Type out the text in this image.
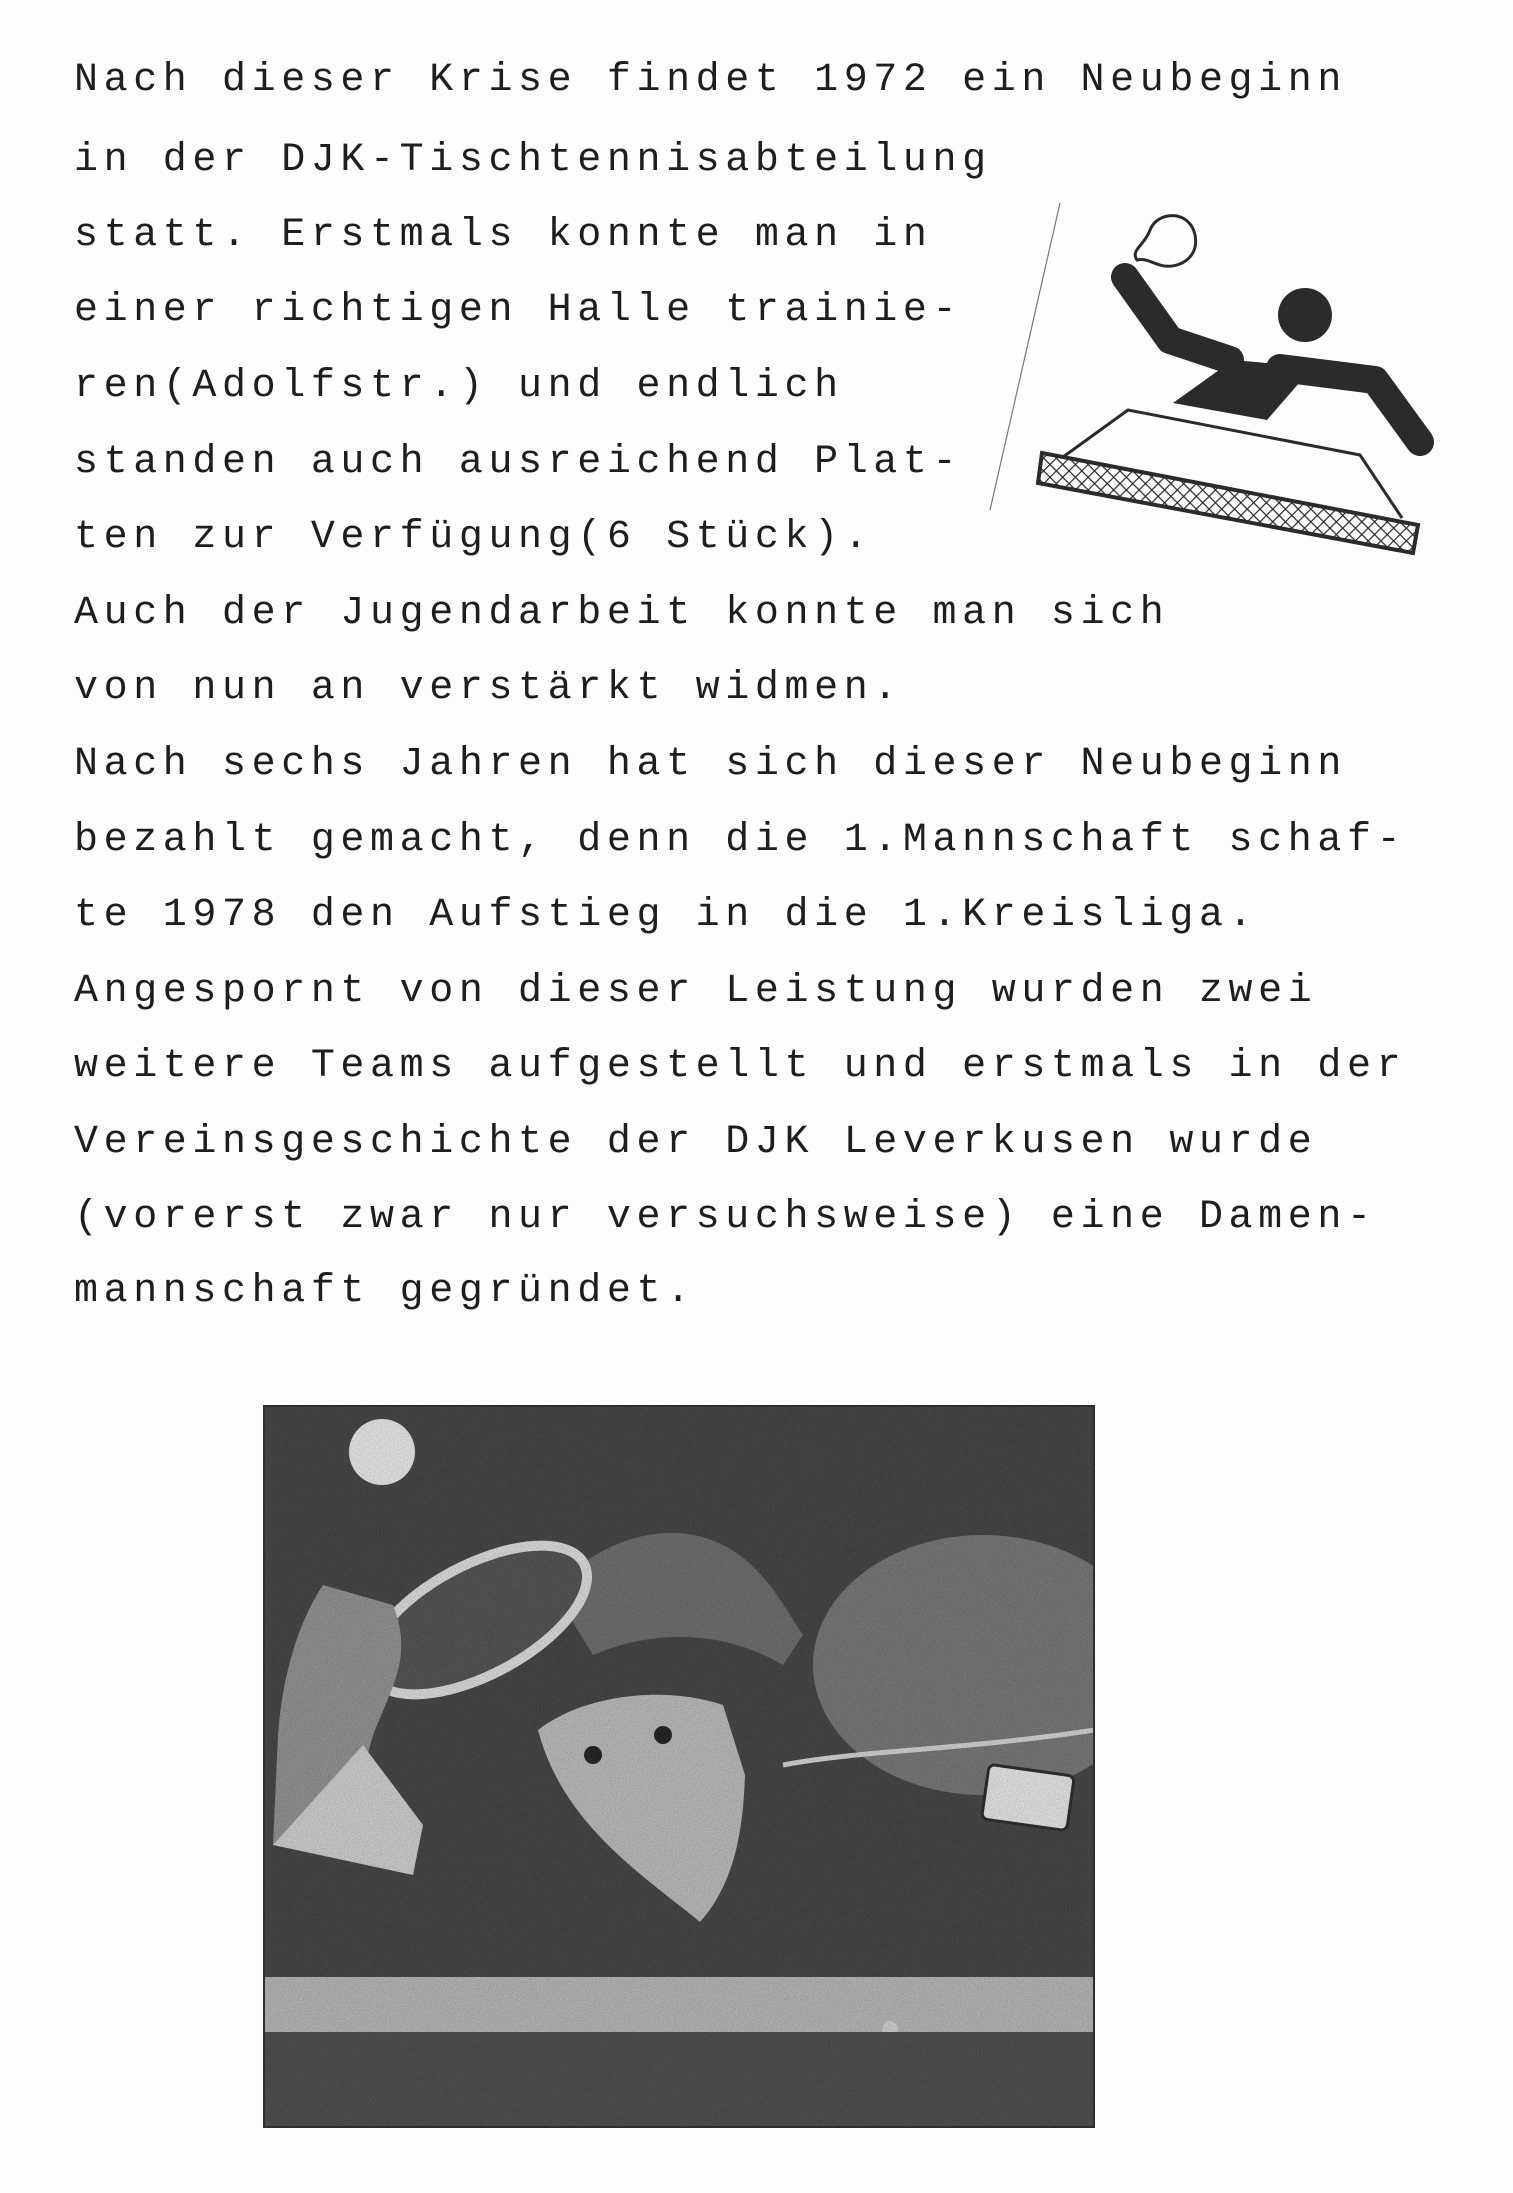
Nach dieser Krise findet 1972 ein Neubeginn
in der DJK-Tischtennisabteilung
statt. Erstmals konnte man in
einer richtigen Halle trainie-
ren(Adolfstr.) und endlich
standen auch ausreichend Plat-
ten zur Verfügung(6 Stück).
Auch der Jugendarbeit konnte man sich
von nun an verstärkt widmen.
Nach sechs Jahren hat sich dieser Neubeginn
bezahlt gemacht, denn die 1.Mannschaft schaf-
te 1978 den Aufstieg in die 1.Kreisliga.
Angespornt von dieser Leistung wurden zwei
weitere Teams aufgestellt und erstmals in der
Vereinsgeschichte der DJK Leverkusen wurde
(vorerst zwar nur versuchsweise) eine Damen-
mannschaft gegründet.
